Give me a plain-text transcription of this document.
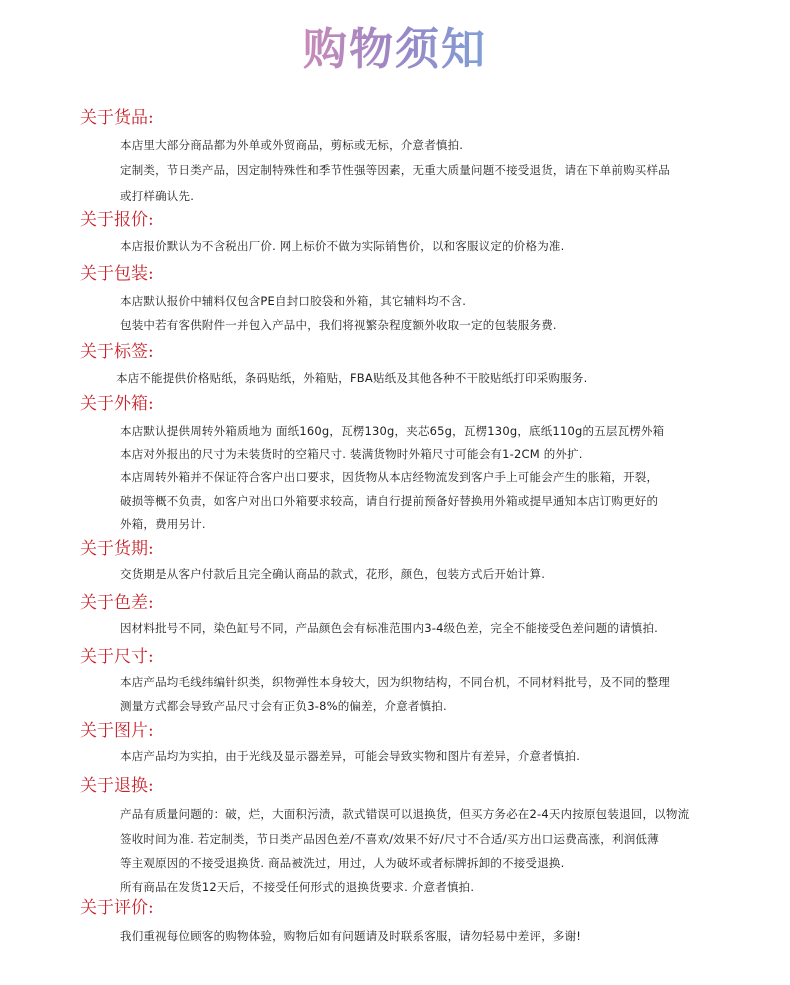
购物须知
关于货品:
本店里大部分商品都为外单或外贸商品，剪标或无标，介意者慎拍.
定制类，节日类产品，因定制特殊性和季节性强等因素，无重大质量问题不接受退货，请在下单前购买样品
或打样确认先.
关于报价:
本店报价默认为不含税出厂价. 网上标价不做为实际销售价，以和客服议定的价格为准.
关于包装:
本店默认报价中辅料仅包含PE自封口胶袋和外箱，其它辅料均不含.
包装中若有客供附件一并包入产品中，我们将视繁杂程度额外收取一定的包装服务费.
关于标签:
本店不能提供价格贴纸，条码贴纸，外箱贴，FBA贴纸及其他各种不干胶贴纸打印采购服务.
关于外箱:
本店默认提供周转外箱质地为 面纸160g，瓦楞130g，夹芯65g，瓦楞130g，底纸110g的五层瓦楞外箱
本店对外报出的尺寸为未装货时的空箱尺寸. 装满货物时外箱尺寸可能会有1-2CM 的外扩.
本店周转外箱并不保证符合客户出口要求，因货物从本店经物流发到客户手上可能会产生的胀箱，开裂，
破损等概不负责，如客户对出口外箱要求较高，请自行提前预备好替换用外箱或提早通知本店订购更好的
外箱，费用另计.
关于货期:
交货期是从客户付款后且完全确认商品的款式，花形，颜色，包装方式后开始计算.
关于色差:
因材料批号不同，染色缸号不同，产品颜色会有标准范围内3-4级色差，完全不能接受色差问题的请慎拍.
关于尺寸:
本店产品均毛线纬编针织类，织物弹性本身较大，因为织物结构，不同台机，不同材料批号，及不同的整理
测量方式都会导致产品尺寸会有正负3-8%的偏差，介意者慎拍.
关于图片:
本店产品均为实拍，由于光线及显示器差异，可能会导致实物和图片有差异，介意者慎拍.
关于退换:
产品有质量问题的：破，烂，大面积污渍，款式错误可以退换货，但买方务必在2-4天内按原包装退回，以物流
签收时间为准. 若定制类，节日类产品因色差/不喜欢/效果不好/尺寸不合适/买方出口运费高涨，利润低薄
等主观原因的不接受退换货. 商品被洗过，用过，人为破坏或者标牌拆卸的不接受退换.
所有商品在发货12天后，不接受任何形式的退换货要求. 介意者慎拍.
关于评价:
我们重视每位顾客的购物体验，购物后如有问题请及时联系客服，请勿轻易中差评，多谢!
